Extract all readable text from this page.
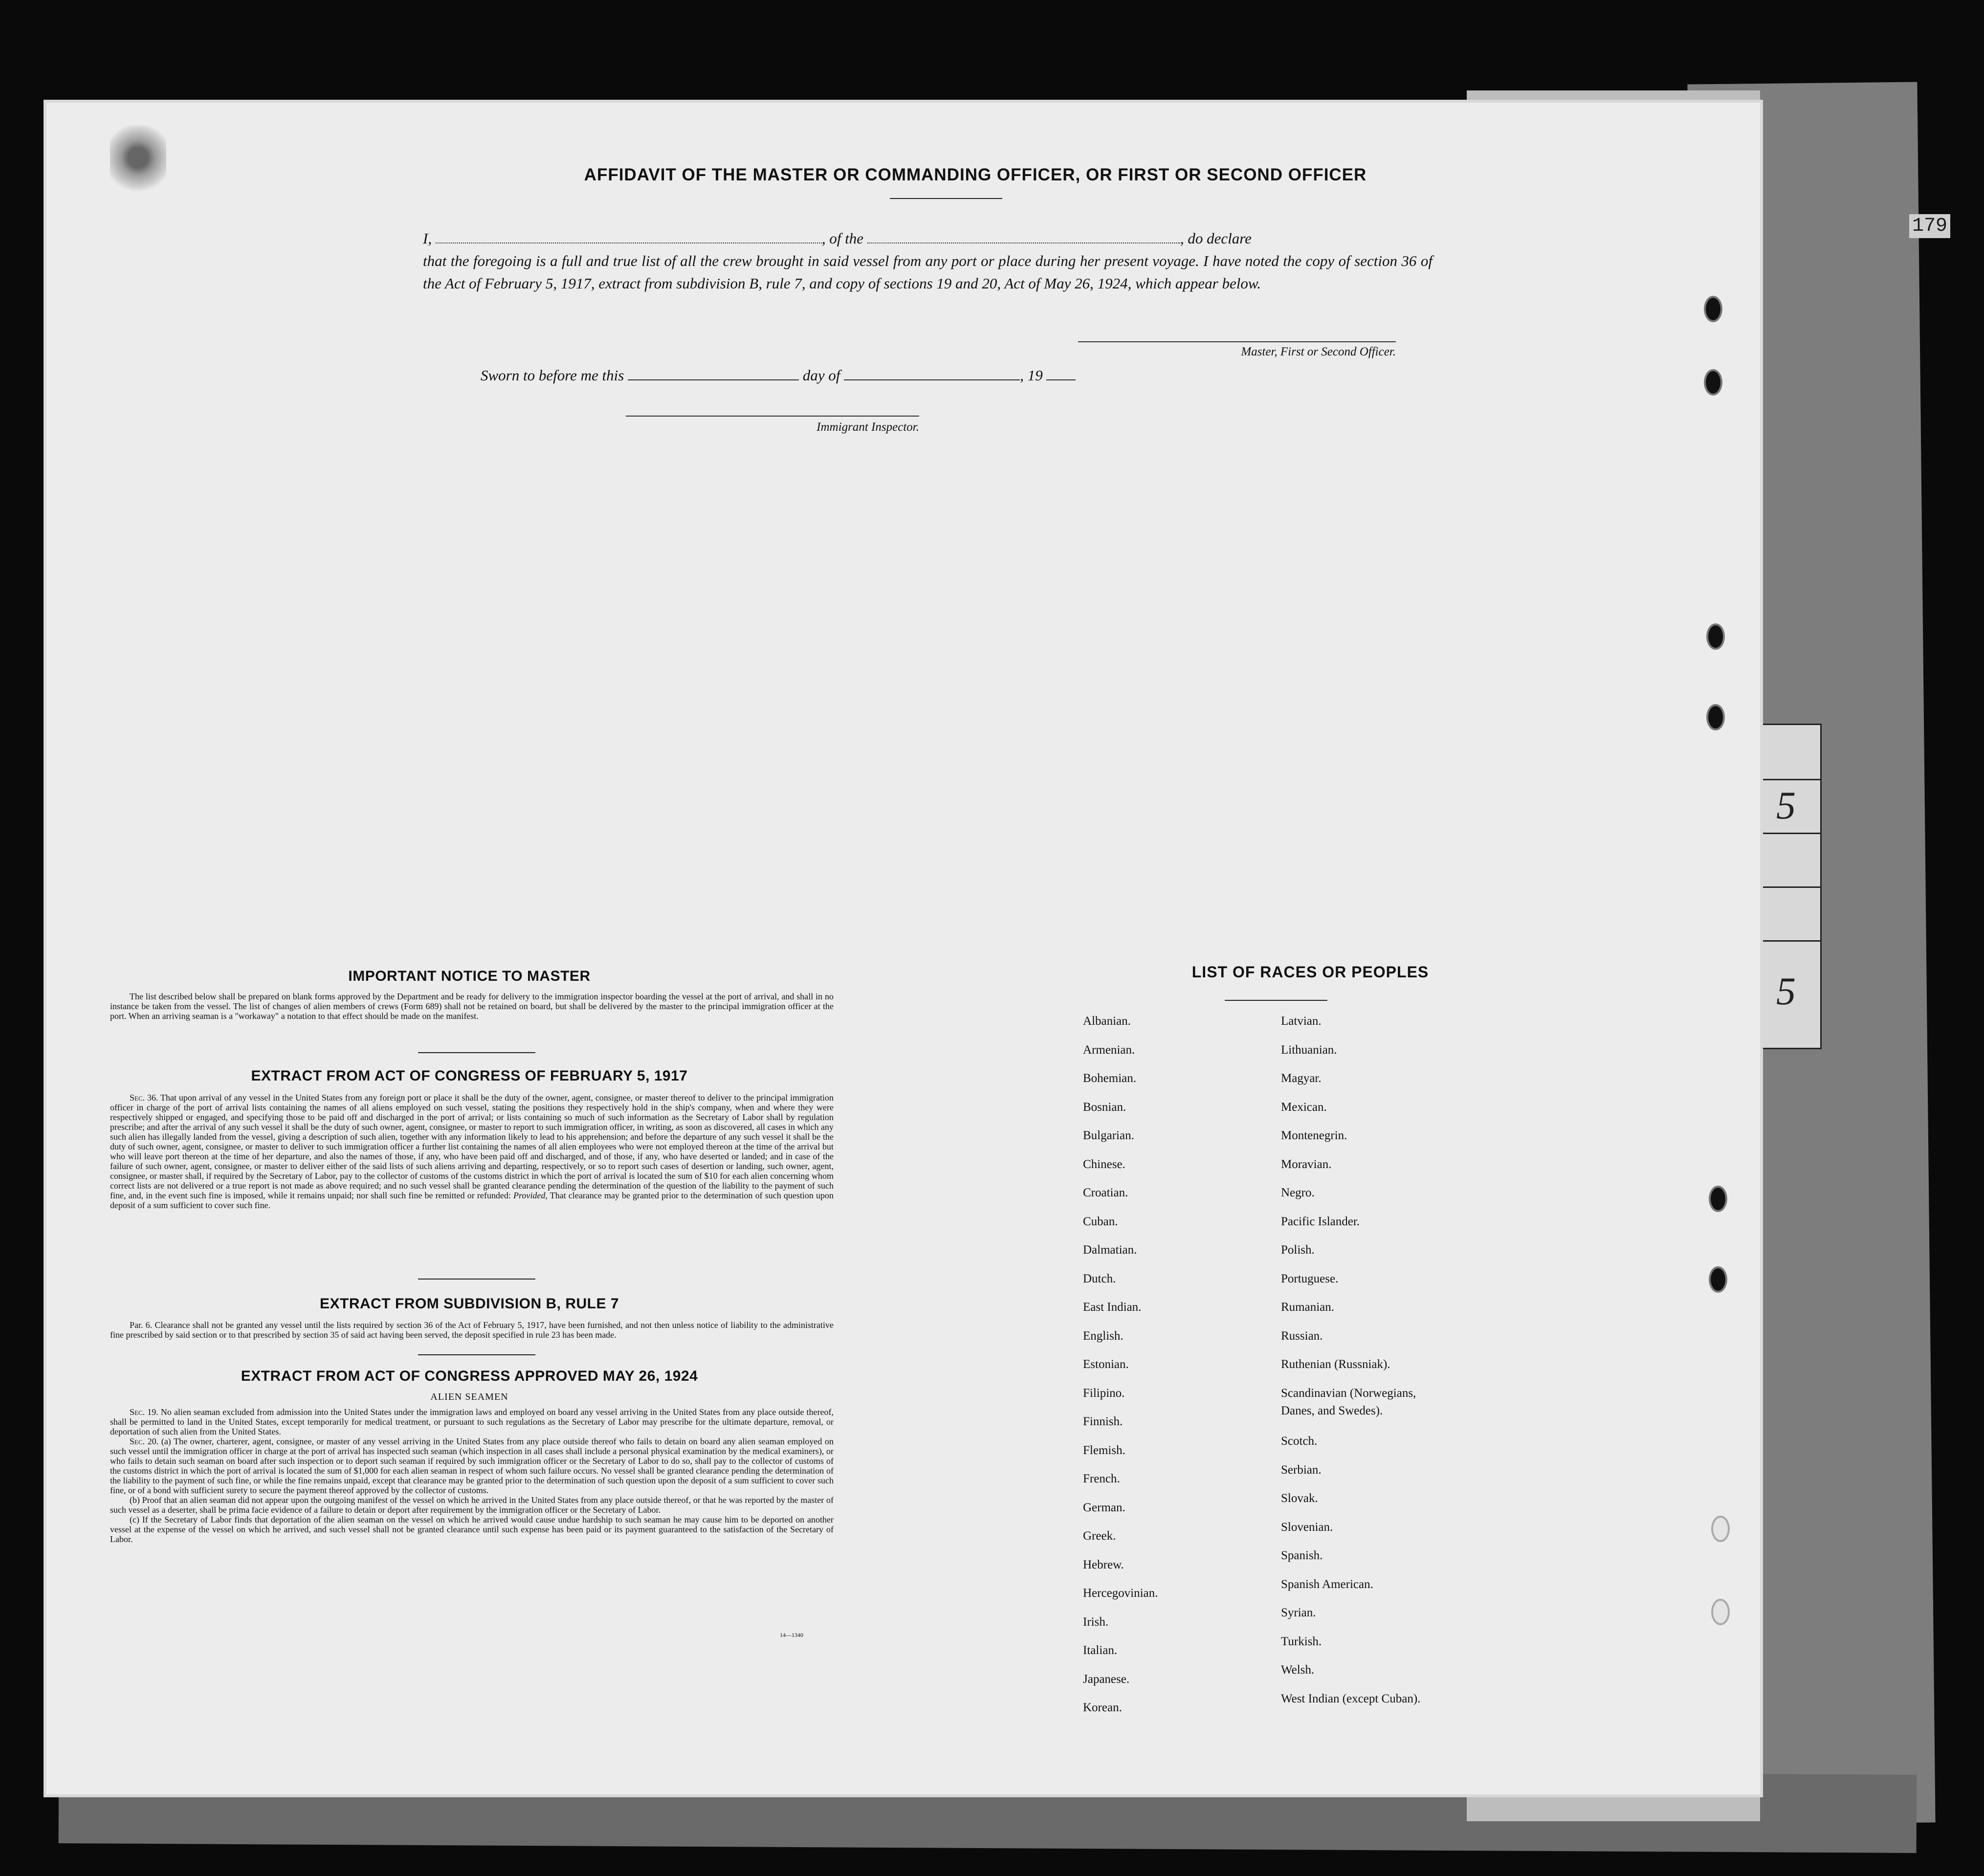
179
5
5
AFFIDAVIT OF THE MASTER OR COMMANDING OFFICER, OR FIRST OR SECOND OFFICER
I,	, of the	, do declare
that the foregoing is a full and true list of all the crew brought in said vessel from any port or place during her present voyage. I have noted the copy of section 36 of the Act of February 5, 1917, extract from subdivision B, rule 7, and copy of sections 19 and 20, Act of May 26, 1924, which appear below.
Master, First or Second Officer.
Sworn to before me this	day of	, 19
Immigrant Inspector.
IMPORTANT NOTICE TO MASTER

The list described below shall be prepared on blank forms approved by the Department and be ready for delivery to the immigration inspector boarding the vessel at the port of arrival, and shall in no instance be taken from the vessel. The list of changes of alien members of crews (Form 689) shall not be retained on board, but shall be delivered by the master to the principal immigration officer at the port. When an arriving seaman is a "workaway" a notation to that effect should be made on the manifest.

EXTRACT FROM ACT OF CONGRESS OF FEBRUARY 5, 1917

Sec. 36. That upon arrival of any vessel in the United States from any foreign port or place it shall be the duty of the owner, agent, consignee, or master thereof to deliver to the principal immigration officer in charge of the port of arrival lists containing the names of all aliens employed on such vessel, stating the positions they respectively hold in the ship's company, when and where they were respectively shipped or engaged, and specifying those to be paid off and discharged in the port of arrival; or lists containing so much of such information as the Secretary of Labor shall by regulation prescribe; and after the arrival of any such vessel it shall be the duty of such owner, agent, consignee, or master to report to such immigration officer, in writing, as soon as discovered, all cases in which any such alien has illegally landed from the vessel, giving a description of such alien, together with any information likely to lead to his apprehension; and before the departure of any such vessel it shall be the duty of such owner, agent, consignee, or master to deliver to such immigration officer a further list containing the names of all alien employees who were not employed thereon at the time of the arrival but who will leave port thereon at the time of her departure, and also the names of those, if any, who have been paid off and discharged, and of those, if any, who have deserted or landed; and in case of the failure of such owner, agent, consignee, or master to deliver either of the said lists of such aliens arriving and departing, respectively, or so to report such cases of desertion or landing, such owner, agent, consignee, or master shall, if required by the Secretary of Labor, pay to the collector of customs of the customs district in which the port of arrival is located the sum of $10 for each alien concerning whom correct lists are not delivered or a true report is not made as above required; and no such vessel shall be granted clearance pending the determination of the question of the liability to the payment of such fine, and, in the event such fine is imposed, while it remains unpaid; nor shall such fine be remitted or refunded: Provided, That clearance may be granted prior to the determination of such question upon deposit of a sum sufficient to cover such fine.

EXTRACT FROM SUBDIVISION B, RULE 7

Par. 6. Clearance shall not be granted any vessel until the lists required by section 36 of the Act of February 5, 1917, have been furnished, and not then unless notice of liability to the administrative fine prescribed by said section or to that prescribed by section 35 of said act having been served, the deposit specified in rule 23 has been made.

EXTRACT FROM ACT OF CONGRESS APPROVED MAY 26, 1924
ALIEN SEAMEN

Sec. 19. No alien seaman excluded from admission into the United States under the immigration laws and employed on board any vessel arriving in the United States from any place outside thereof, shall be permitted to land in the United States, except temporarily for medical treatment, or pursuant to such regulations as the Secretary of Labor may prescribe for the ultimate departure, removal, or deportation of such alien from the United States.

Sec. 20. (a) The owner, charterer, agent, consignee, or master of any vessel arriving in the United States from any place outside thereof who fails to detain on board any alien seaman employed on such vessel until the immigration officer in charge at the port of arrival has inspected such seaman (which inspection in all cases shall include a personal physical examination by the medical examiners), or who fails to detain such seaman on board after such inspection or to deport such seaman if required by such immigration officer or the Secretary of Labor to do so, shall pay to the collector of customs of the customs district in which the port of arrival is located the sum of $1,000 for each alien seaman in respect of whom such failure occurs. No vessel shall be granted clearance pending the determination of the liability to the payment of such fine, or while the fine remains unpaid, except that clearance may be granted prior to the determination of such question upon the deposit of a sum sufficient to cover such fine, or of a bond with sufficient surety to secure the payment thereof approved by the collector of customs.

(b) Proof that an alien seaman did not appear upon the outgoing manifest of the vessel on which he arrived in the United States from any place outside thereof, or that he was reported by the master of such vessel as a deserter, shall be prima facie evidence of a failure to detain or deport after requirement by the immigration officer or the Secretary of Labor.

(c) If the Secretary of Labor finds that deportation of the alien seaman on the vessel on which he arrived would cause undue hardship to such seaman he may cause him to be deported on another vessel at the expense of the vessel on which he arrived, and such vessel shall not be granted clearance until such expense has been paid or its payment guaranteed to the satisfaction of the Secretary of Labor.

14—1340
LIST OF RACES OR PEOPLES
Albanian.
Armenian.
Bohemian.
Bosnian.
Bulgarian.
Chinese.
Croatian.
Cuban.
Dalmatian.
Dutch.
East Indian.
English.
Estonian.
Filipino.
Finnish.
Flemish.
French.
German.
Greek.
Hebrew.
Hercegovinian.
Irish.
Italian.
Japanese.
Korean.
Latvian.
Lithuanian.
Magyar.
Mexican.
Montenegrin.
Moravian.
Negro.
Pacific Islander.
Polish.
Portuguese.
Rumanian.
Russian.
Ruthenian (Russniak).
Scandinavian (Norwegians,
Danes, and Swedes).
Scotch.
Serbian.
Slovak.
Slovenian.
Spanish.
Spanish American.
Syrian.
Turkish.
Welsh.
West Indian (except Cuban).
